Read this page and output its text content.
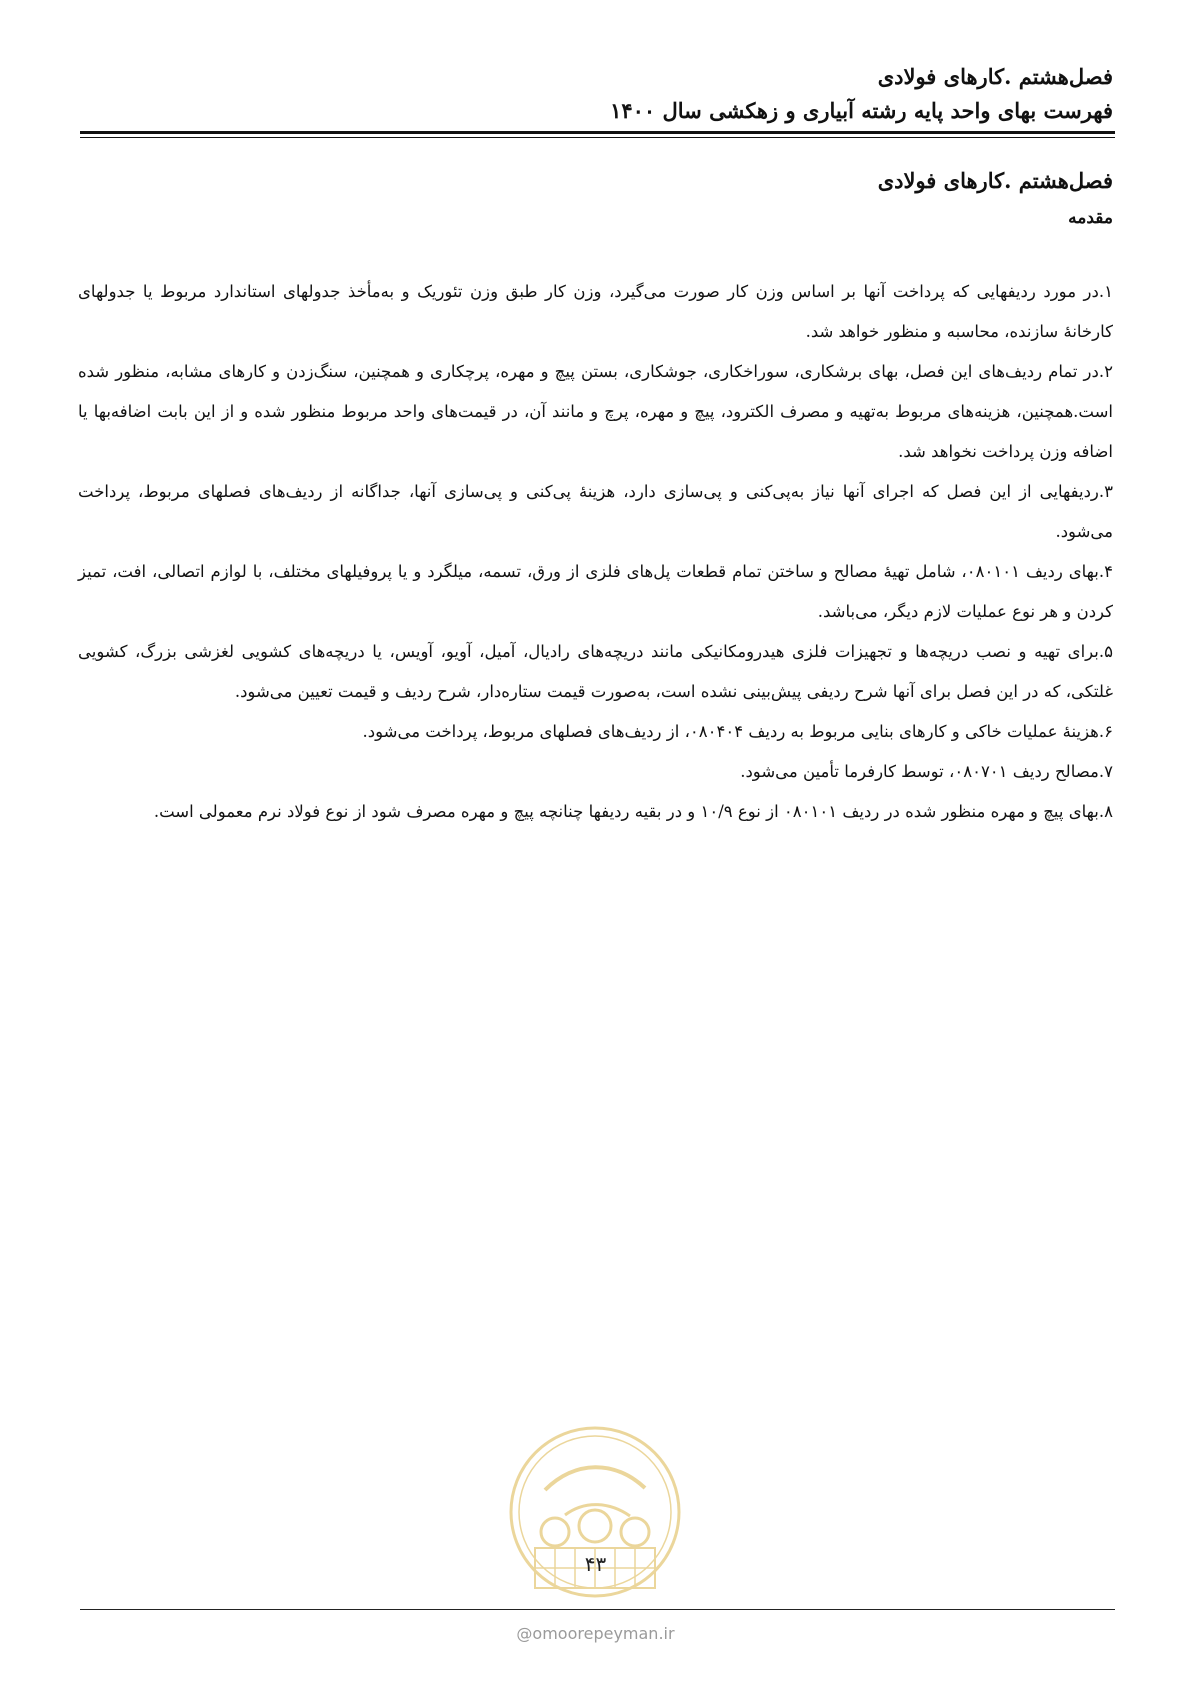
فصل‌هشتم .کارهای فولادی
فهرست بهای واحد پایه رشته آبیاری و زهکشی سال ۱۴۰۰
فصل‌هشتم .کارهای فولادی
مقدمه

۱.در مورد ردیفهایی که پرداخت آنها بر اساس وزن کار صورت می‌گیرد، وزن کار طبق وزن تئوریک و به‌مأخذ جدولهای استاندارد مربوط یا جدولهای کارخانهٔ سازنده، محاسبه و منظور خواهد شد.

۲.در تمام ردیف‌های این فصل، بهای برشکاری، سوراخکاری، جوشکاری، بستن پیچ و مهره، پرچکاری و همچنین، سنگ‌زدن و کارهای مشابه، منظور شده است.همچنین، هزینه‌های مربوط به‌تهیه و مصرف الکترود، پیچ و مهره، پرچ و مانند آن، در قیمت‌های واحد مربوط منظور شده و از این بابت اضافه‌بها یا اضافه وزن پرداخت نخواهد شد.

۳.ردیفهایی از این فصل که اجرای آنها نیاز به‌پی‌کنی و پی‌سازی دارد، هزینهٔ پی‌کنی و پی‌سازی آنها، جداگانه از ردیف‌های فصلهای مربوط، پرداخت می‌شود.

۴.بهای ردیف ۰۸۰۱۰۱، شامل تهیهٔ مصالح و ساختن تمام قطعات پل‌های فلزی از ورق، تسمه، میلگرد و یا پروفیلهای مختلف، با لوازم اتصالی، افت، تمیز کردن و هر نوع عملیات لازم دیگر، می‌باشد.

۵.برای تهیه و نصب دریچه‌ها و تجهیزات فلزی هیدرومکانیکی مانند دریچه‌های رادیال، آمیل، آویو، آویس، یا دریچه‌های کشویی لغزشی بزرگ، کشویی غلتکی، که در این فصل برای آنها شرح ردیفی پیش‌بینی نشده است، به‌صورت قیمت ستاره‌دار، شرح ردیف و قیمت تعیین می‌شود.

۶.هزینهٔ عملیات خاکی و کارهای بنایی مربوط به ردیف ۰۸۰۴۰۴، از ردیف‌های فصلهای مربوط، پرداخت می‌شود.

۷.مصالح ردیف ۰۸۰۷۰۱، توسط کارفرما تأمین می‌شود.

۸.بهای پیچ و مهره منظور شده در ردیف ۰۸۰۱۰۱ از نوع ۱۰/۹ و در بقیه ردیفها چنانچه پیچ و مهره مصرف شود از نوع فولاد نرم معمولی است.

۴۳
@omoorepeyman.ir
